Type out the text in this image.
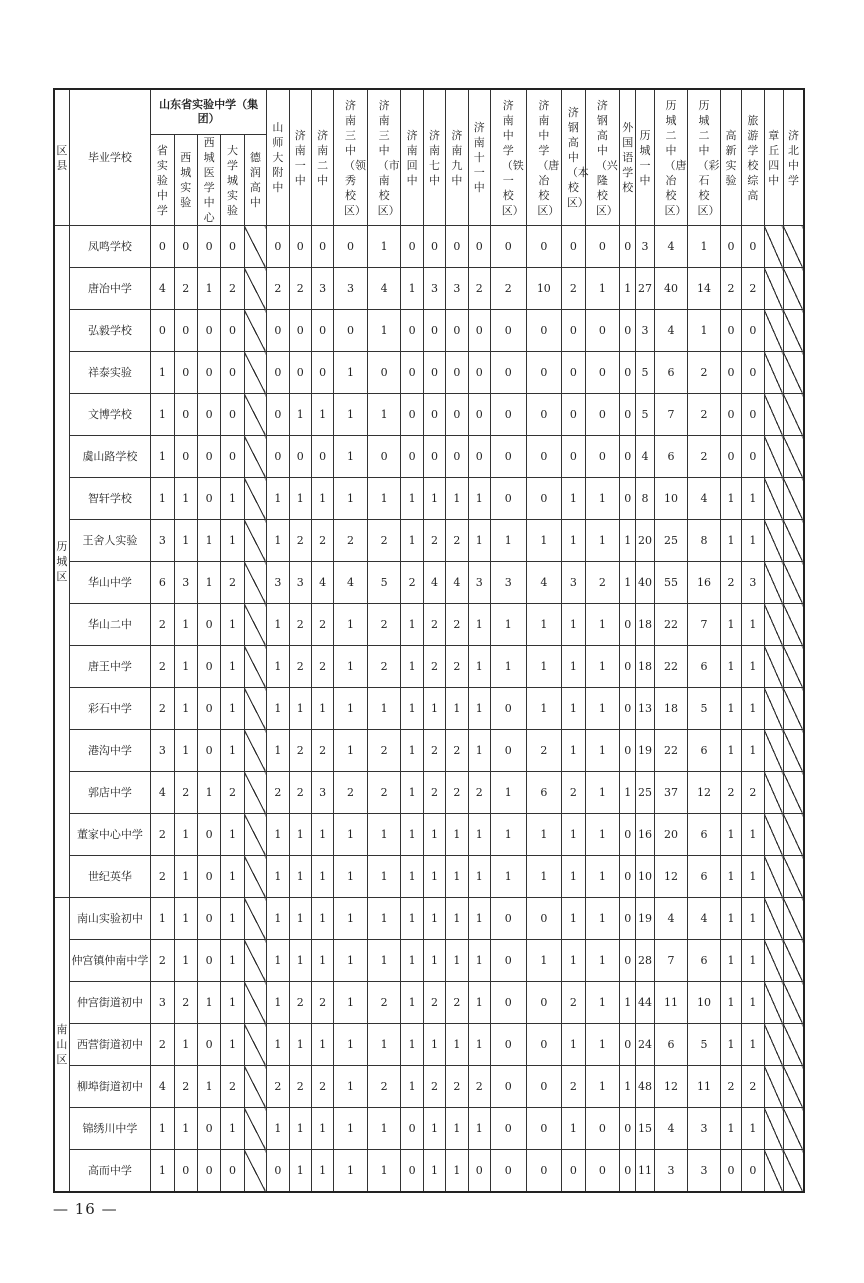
区县	毕业学校	山东省实验中学（集团）					山师大附中	济南一中	济南二中	济南三中（领秀校区）	济南三中（市南校区）	济南回中	济南七中	济南九中	济南十一中	济南中学（铁一校区）	济南中学（唐冶校区）	济钢高中（本校区）	济钢高中（兴隆校区）	外国语学校	历城一中	历城二中（唐冶校区）	历城二中（彩石校区）	高新实验	旅游学校综高	章丘四中	济北中学
		省实验中学	西城实验	西城医学中心	大学城实验	德润高中																					
历城区	凤鸣学校	0	0	0	0		0	0	0	0	1	0	0	0	0	0	0	0	0	0	3	4	1	0	0		
	唐冶中学	4	2	1	2		2	2	3	3	4	1	3	3	2	2	10	2	1	1	27	40	14	2	2		
	弘毅学校	0	0	0	0		0	0	0	0	1	0	0	0	0	0	0	0	0	0	3	4	1	0	0		
	祥泰实验	1	0	0	0		0	0	0	1	0	0	0	0	0	0	0	0	0	0	5	6	2	0	0		
	文博学校	1	0	0	0		0	1	1	1	1	0	0	0	0	0	0	0	0	0	5	7	2	0	0		
	虞山路学校	1	0	0	0		0	0	0	1	0	0	0	0	0	0	0	0	0	0	4	6	2	0	0		
	智轩学校	1	1	0	1		1	1	1	1	1	1	1	1	1	0	0	1	1	0	8	10	4	1	1		
	王舍人实验	3	1	1	1		1	2	2	2	2	1	2	2	1	1	1	1	1	1	20	25	8	1	1		
	华山中学	6	3	1	2		3	3	4	4	5	2	4	4	3	3	4	3	2	1	40	55	16	2	3		
	华山二中	2	1	0	1		1	2	2	1	2	1	2	2	1	1	1	1	1	0	18	22	7	1	1		
	唐王中学	2	1	0	1		1	2	2	1	2	1	2	2	1	1	1	1	1	0	18	22	6	1	1		
	彩石中学	2	1	0	1		1	1	1	1	1	1	1	1	1	0	1	1	1	0	13	18	5	1	1		
	港沟中学	3	1	0	1		1	2	2	1	2	1	2	2	1	0	2	1	1	0	19	22	6	1	1		
	郭店中学	4	2	1	2		2	2	3	2	2	1	2	2	2	1	6	2	1	1	25	37	12	2	2		
	董家中心中学	2	1	0	1		1	1	1	1	1	1	1	1	1	1	1	1	1	0	16	20	6	1	1		
	世纪英华	2	1	0	1		1	1	1	1	1	1	1	1	1	1	1	1	1	0	10	12	6	1	1		
南山区	南山实验初中	1	1	0	1		1	1	1	1	1	1	1	1	1	0	0	1	1	0	19	4	4	1	1		
	仲宫镇仲南中学	2	1	0	1		1	1	1	1	1	1	1	1	1	0	1	1	1	0	28	7	6	1	1		
	仲宫街道初中	3	2	1	1		1	2	2	1	2	1	2	2	1	0	0	2	1	1	44	11	10	1	1		
	西营街道初中	2	1	0	1		1	1	1	1	1	1	1	1	1	0	0	1	1	0	24	6	5	1	1		
	柳埠街道初中	4	2	1	2		2	2	2	1	2	1	2	2	2	0	0	2	1	1	48	12	11	2	2		
	锦绣川中学	1	1	0	1		1	1	1	1	1	0	1	1	1	0	0	1	0	0	15	4	3	1	1		
	高而中学	1	0	0	0		0	1	1	1	1	0	1	1	0	0	0	0	0	0	11	3	3	0	0		
— 16 —
